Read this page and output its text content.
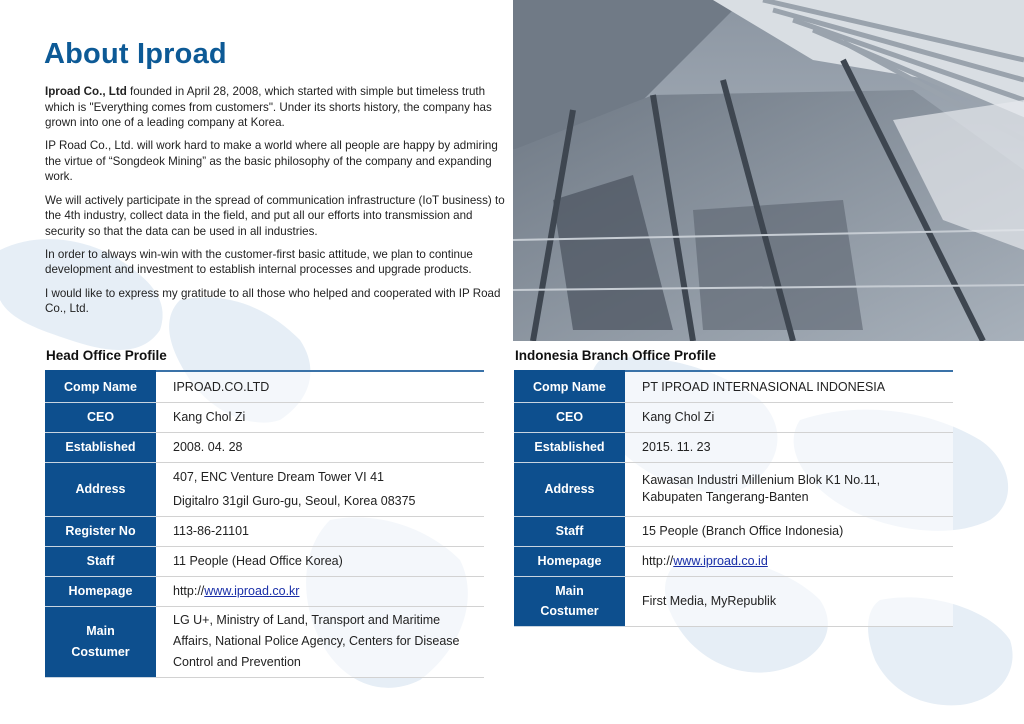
About Iproad

Iproad Co., Ltd founded in April 28, 2008, which started with simple but timeless truth which is "Everything comes from customers". Under its shorts history, the company has grown into one of a leading company at Korea.

IP Road Co., Ltd. will work hard to make a world where all people are happy by admiring the virtue of “Songdeok Mining” as the basic philosophy of the company and expanding work.

We will actively participate in the spread of communication infrastructure (IoT business) to the 4th industry, collect data in the field, and put all our efforts into transmission and security so that the data can be used in all industries.

In order to always win-win with the customer-first basic attitude, we plan to continue development and investment to establish internal processes and upgrade products.

I would like to express my gratitude to all those who helped and cooperated with IP Road Co., Ltd.

Head Office Profile
Comp Name	IPROAD.CO.LTD
CEO	Kang Chol Zi
Established	2008. 04. 28
Address	407, ENC Venture Dream Tower VI 41
Digitalro 31gil Guro-gu, Seoul, Korea 08375

Register No	113-86-21101
Staff	11 People (Head Office Korea)
Homepage	http://www.iproad.co.kr

Main
Costumer	LG U+, Ministry of Land, Transport and Maritime
Affairs, National Police Agency, Centers for Disease
Control and Prevention
Indonesia Branch Office Profile
Comp Name	PT IPROAD INTERNASIONAL INDONESIA
CEO	Kang Chol Zi
Established	2015. 11. 23
Address	Kawasan Industri Millenium Blok K1 No.11,
Kabupaten Tangerang-Banten

Staff	15 People (Branch Office Indonesia)
Homepage	http://www.iproad.co.id

Main
Costumer	First Media, MyRepublik
